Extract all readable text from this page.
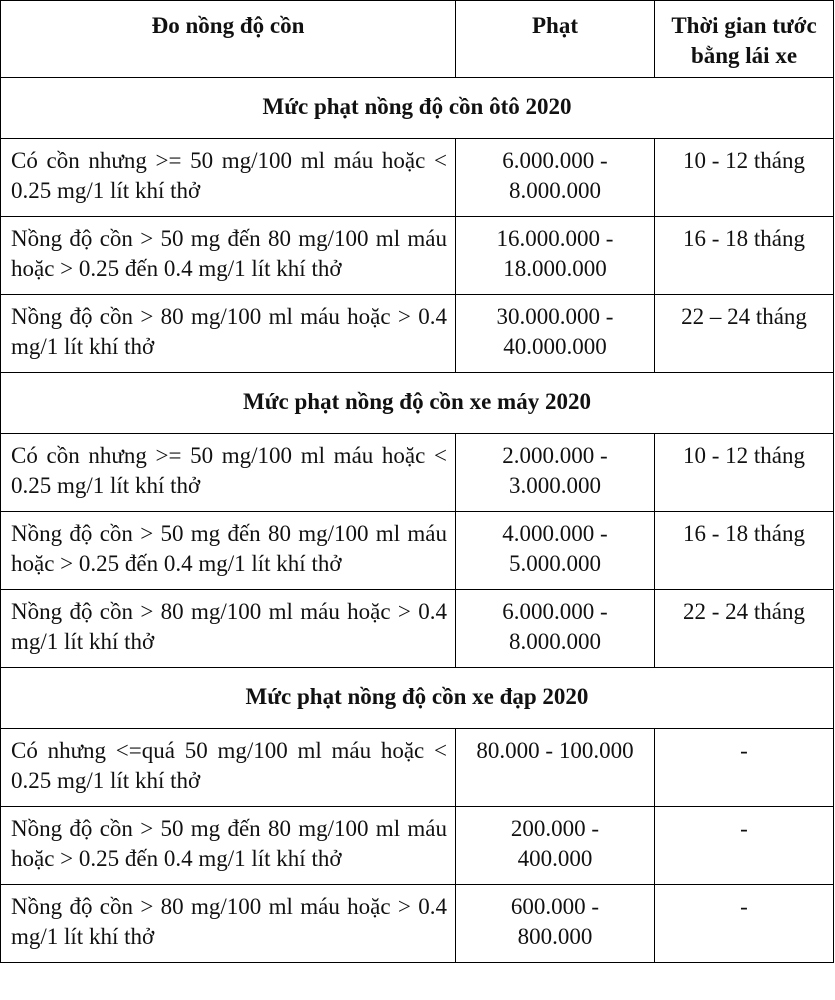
Đo nồng độ cồn	Phạt	Thời gian tước bằng lái xe
Mức phạt nồng độ cồn ôtô 2020		
Có cồn nhưng >= 50 mg/100 ml máu hoặc < 0.25 mg/1 lít khí thở	6.000.000 - 8.000.000	10 - 12 tháng
Nồng độ cồn > 50 mg đến 80 mg/100 ml máu hoặc > 0.25 đến 0.4 mg/1 lít khí thở	16.000.000 - 18.000.000	16 - 18 tháng
Nồng độ cồn > 80 mg/100 ml máu hoặc > 0.4 mg/1 lít khí thở	30.000.000 - 40.000.000	22 – 24 tháng
Mức phạt nồng độ cồn xe máy 2020		
Có cồn nhưng >= 50 mg/100 ml máu hoặc < 0.25 mg/1 lít khí thở	2.000.000 - 3.000.000	10 - 12 tháng
Nồng độ cồn > 50 mg đến 80 mg/100 ml máu hoặc > 0.25 đến 0.4 mg/1 lít khí thở	4.000.000 - 5.000.000	16 - 18 tháng
Nồng độ cồn > 80 mg/100 ml máu hoặc > 0.4 mg/1 lít khí thở	6.000.000 - 8.000.000	22 - 24 tháng
Mức phạt nồng độ cồn xe đạp 2020		
Có nhưng <=quá 50 mg/100 ml máu hoặc < 0.25 mg/1 lít khí thở	80.000 - 100.000	-
Nồng độ cồn > 50 mg đến 80 mg/100 ml máu hoặc > 0.25 đến 0.4 mg/1 lít khí thở	200.000 - 400.000	-
Nồng độ cồn > 80 mg/100 ml máu hoặc > 0.4 mg/1 lít khí thở	600.000 - 800.000	-
